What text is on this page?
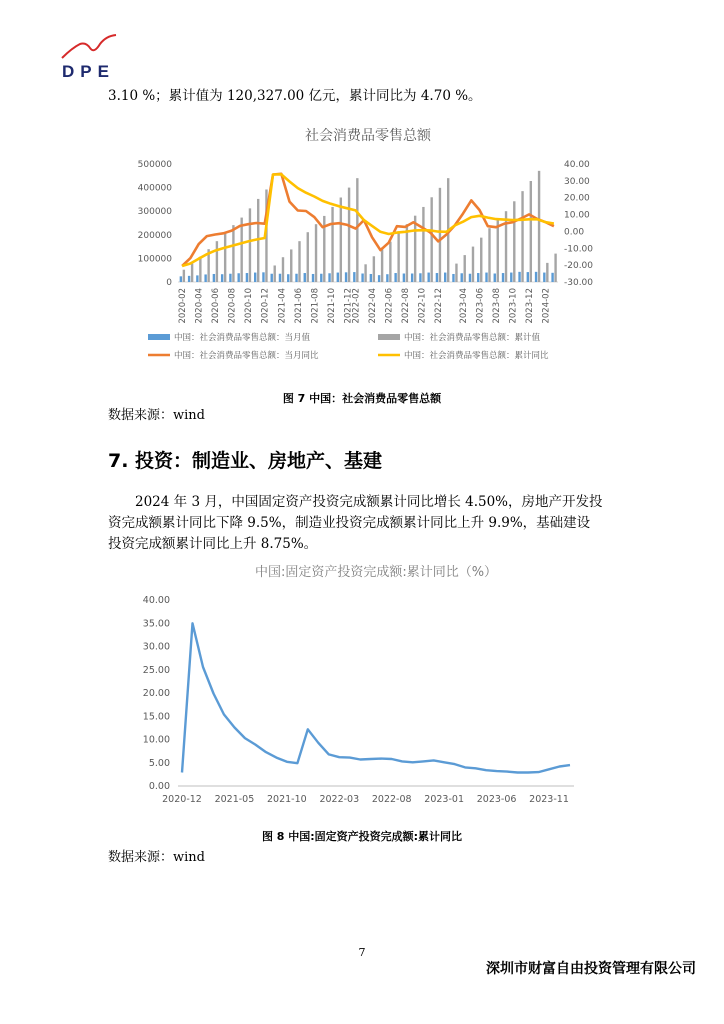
DPE
3.10 %；累计值为 120,327.00 亿元，累计同比为 4.70 %。
社会消费品零售总额
0
100000
200000
300000
400000
500000
-30.00
-20.00
-10.00
0.00
10.00
20.00
30.00
40.00
2020-02 2020-04 2020-06 2020-08 2020-10 2020-12 2021-04 2021-06 2021-08 2021-10 2021-12
2022-02 2022-04 2022-06 2022-08 2022-10 2022-12 2023-04 2023-06 2023-08 2023-10 2023-12 2024-02
中国：社会消费品零售总额：当月值	中国：社会消费品零售总额：累计值
中国：社会消费品零售总额：当月同比	中国：社会消费品零售总额：累计同比
图 7 中国：社会消费品零售总额
数据来源：wind
7. 投资：制造业、房地产、基建
2024 年 3 月，中国固定资产投资完成额累计同比增长 4.50%，房地产开发投
资完成额累计同比下降 9.5%，制造业投资完成额累计同比上升 9.9%，基础建设
投资完成额累计同比上升 8.75%。
中国:固定资产投资完成额:累计同比（%）
0.00
5.00
10.00
15.00
20.00
25.00
30.00
35.00
40.00
2020-12 2021-05 2021-10 2022-03 2022-08 2023-01 2023-06 2023-11
图 8 中国:固定资产投资完成额:累计同比
数据来源：wind
7
深圳市财富自由投资管理有限公司
